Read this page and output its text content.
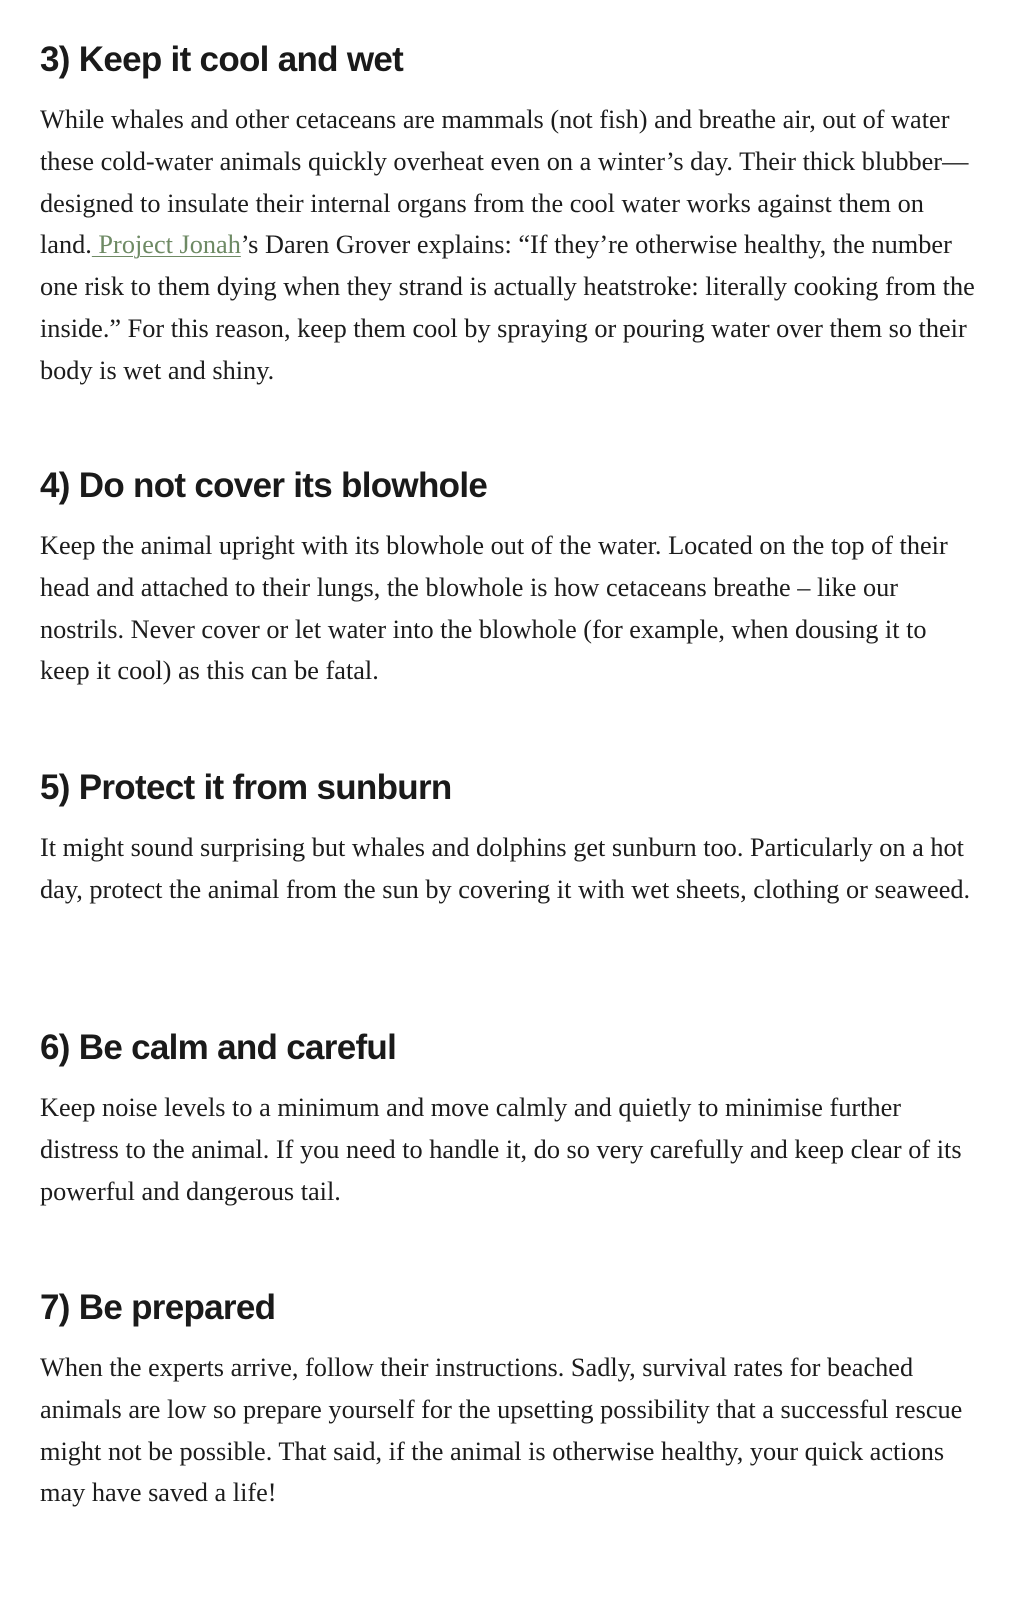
3) Keep it cool and wet

While whales and other cetaceans are mammals (not fish) and breathe air, out of water these cold-water animals quickly overheat even on a winter’s day. Their thick blubber—designed to insulate their internal organs from the cool water works against them on land. Project Jonah’s Daren Grover explains: “If they’re otherwise healthy, the number one risk to them dying when they strand is actually heatstroke: literally cooking from the inside.” For this reason, keep them cool by spraying or pouring water over them so their body is wet and shiny.

4) Do not cover its blowhole

Keep the animal upright with its blowhole out of the water. Located on the top of their head and attached to their lungs, the blowhole is how cetaceans breathe – like our nostrils. Never cover or let water into the blowhole (for example, when dousing it to keep it cool) as this can be fatal.

5) Protect it from sunburn

It might sound surprising but whales and dolphins get sunburn too. Particularly on a hot day, protect the animal from the sun by covering it with wet sheets, clothing or seaweed.

6) Be calm and careful

Keep noise levels to a minimum and move calmly and quietly to minimise further distress to the animal. If you need to handle it, do so very carefully and keep clear of its powerful and dangerous tail.

7) Be prepared

When the experts arrive, follow their instructions. Sadly, survival rates for beached animals are low so prepare yourself for the upsetting possibility that a successful rescue might not be possible. That said, if the animal is otherwise healthy, your quick actions may have saved a life!
